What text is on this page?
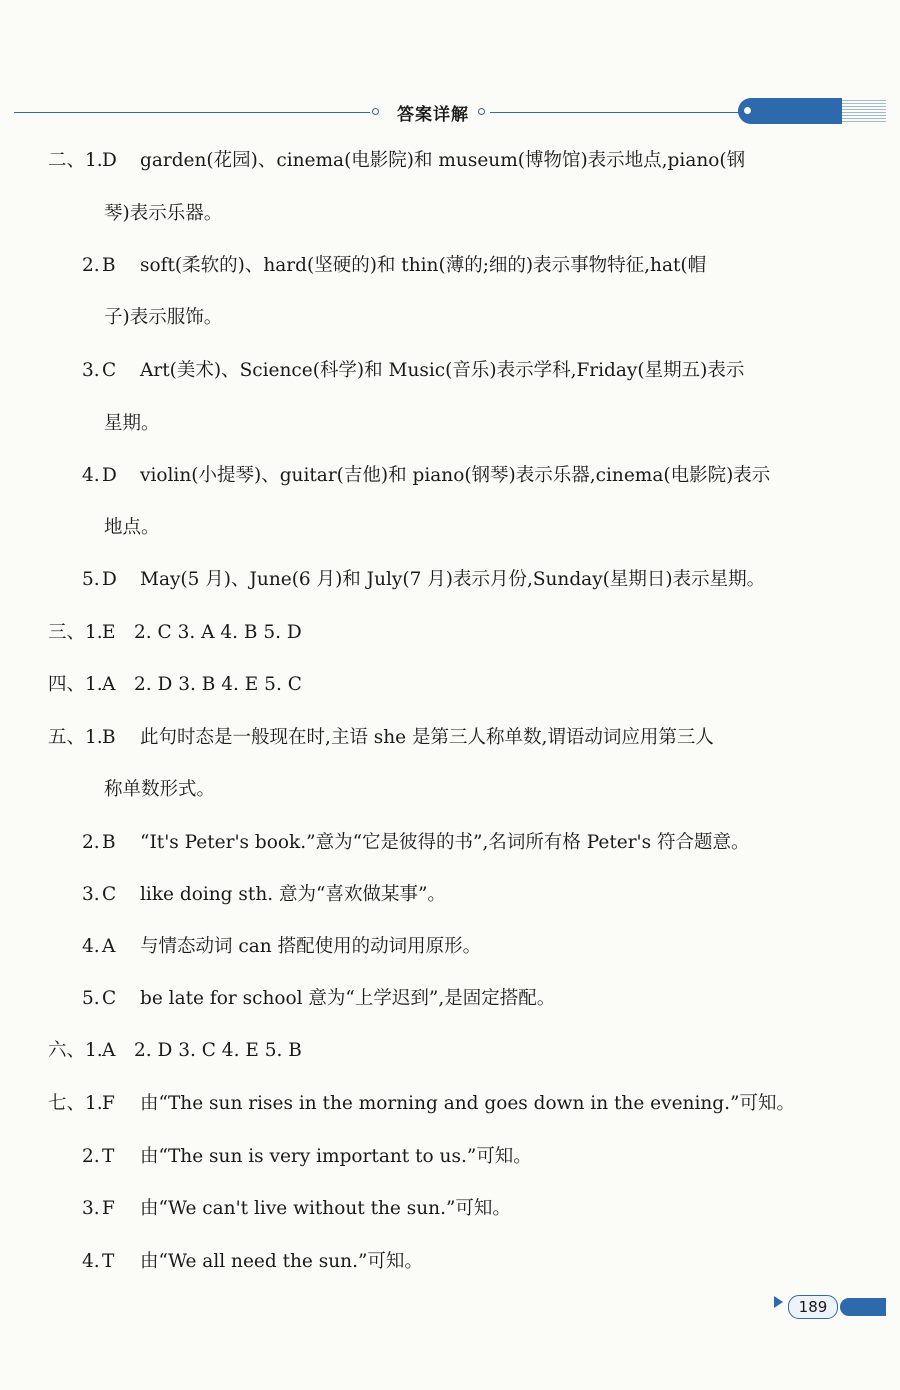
答案详解
二、1.D garden(花园)、cinema(电影院)和 museum(博物馆)表示地点,piano(钢
琴)表示乐器。
2. B soft(柔软的)、hard(坚硬的)和 thin(薄的;细的)表示事物特征,hat(帽
子)表示服饰。
3. C Art(美术)、Science(科学)和 Music(音乐)表示学科,Friday(星期五)表示
星期。
4. D violin(小提琴)、guitar(吉他)和 piano(钢琴)表示乐器,cinema(电影院)表示
地点。
5. D May(5 月)、June(6 月)和 July(7 月)表示月份,Sunday(星期日)表示星期。
三、1.E 2. C 3. A 4. B 5. D
四、1.A 2. D 3. B 4. E 5. C
五、1.B 此句时态是一般现在时,主语 she 是第三人称单数,谓语动词应用第三人
称单数形式。
2. B “It's Peter's book.”意为“它是彼得的书”,名词所有格 Peter's 符合题意。
3. C like doing sth. 意为“喜欢做某事”。
4. A 与情态动词 can 搭配使用的动词用原形。
5. C be late for school 意为“上学迟到”,是固定搭配。
六、1.A 2. D 3. C 4. E 5. B
七、1.F 由“The sun rises in the morning and goes down in the evening.”可知。
2. T 由“The sun is very important to us.”可知。
3. F 由“We can't live without the sun.”可知。
4. T 由“We all need the sun.”可知。
189
